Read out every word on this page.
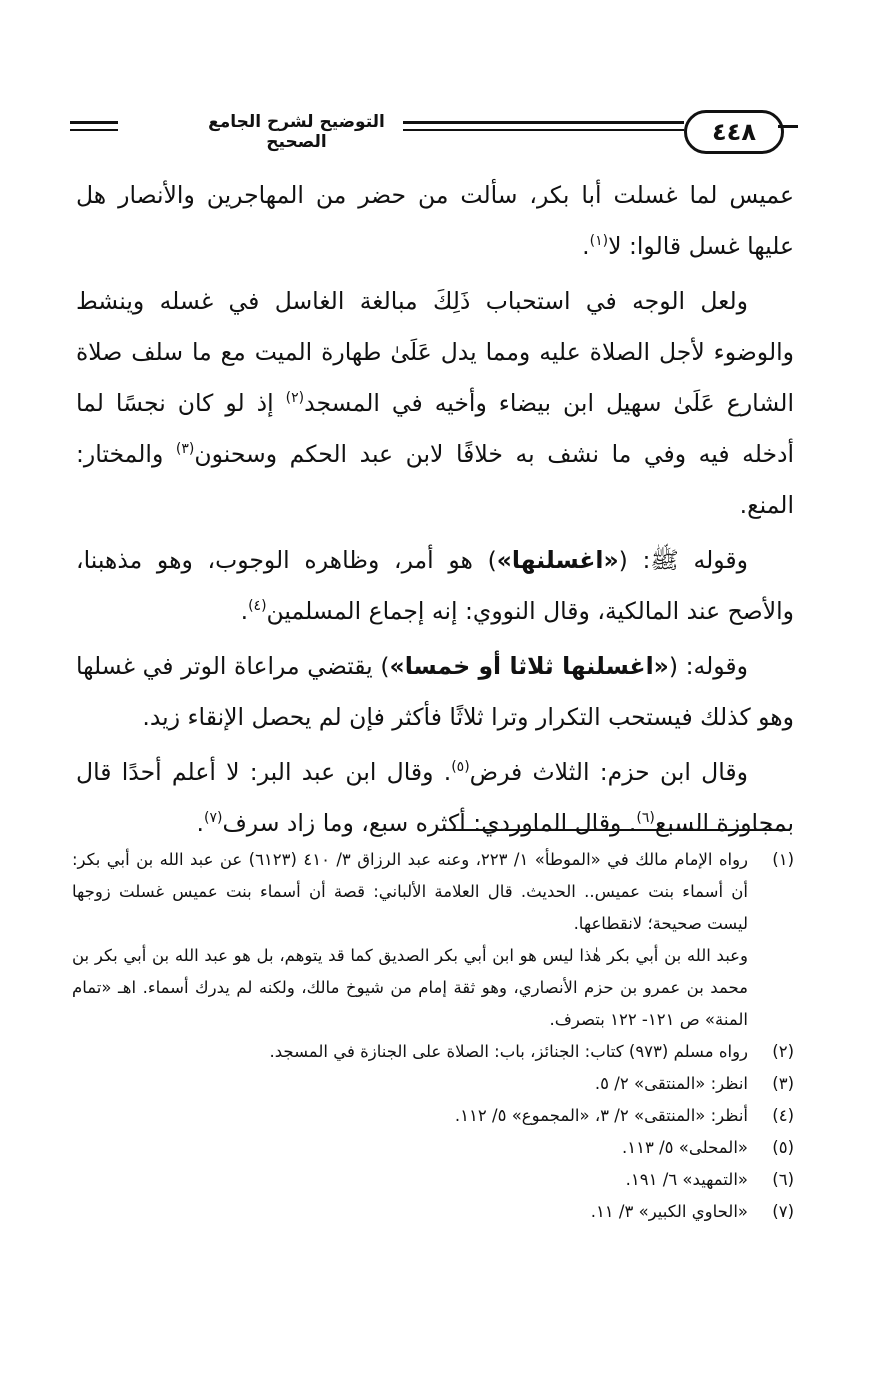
التوضيح لشرح الجامع الصحيح	٤٤٨

عميس لما غسلت أبا بكر، سألت من حضر من المهاجرين والأنصار هل عليها غسل قالوا: لا$^{(١)}$.

ولعل الوجه في استحباب ذَلِكَ مبالغة الغاسل في غسله وينشط والوضوء لأجل الصلاة عليه ومما يدل عَلَىٰ طهارة الميت مع ما سلف صلاة الشارع عَلَىٰ سهيل ابن بيضاء وأخيه في المسجد$^{(٢)}$ إذ لو كان نجسًا لما أدخله فيه وفي ما نشف به خلافًا لابن عبد الحكم وسحنون$^{(٣)}$ والمختار: المنع.

وقوله ﷺ: («اغسلنها») هو أمر، وظاهره الوجوب، وهو مذهبنا، والأصح عند المالكية، وقال النووي: إنه إجماع المسلمين$^{(٤)}$.

وقوله: («اغسلنها ثلاثا أو خمسا») يقتضي مراعاة الوتر في غسلها وهو كذلك فيستحب التكرار وترا ثلاثًا فأكثر فإن لم يحصل الإنقاء زيد.

وقال ابن حزم: الثلاث فرض$^{(٥)}$. وقال ابن عبد البر: لا أعلم أحدًا قال بمجاوزة السبع$^{(٦)}$. وقال الماوردي: أكثره سبع، وما زاد سرف$^{(٧)}$.

(١)
رواه الإمام مالك في «الموطأ» ١/ ٢٢٣، وعنه عبد الرزاق ٣/ ٤١٠ (٦١٢٣) عن عبد الله بن أبي بكر: أن أسماء بنت عميس.. الحديث. قال العلامة الألباني: قصة أن أسماء بنت عميس غسلت زوجها ليست صحيحة؛ لانقطاعها.
وعبد الله بن أبي بكر هٰذا ليس هو ابن أبي بكر الصديق كما قد يتوهم، بل هو عبد الله بن أبي بكر بن محمد بن عمرو بن حزم الأنصاري، وهو ثقة إمام من شيوخ مالك، ولكنه لم يدرك أسماء. اهـ «تمام المنة» ص ١٢١- ١٢٢ بتصرف.
(٢)
رواه مسلم (٩٧٣) كتاب: الجنائز، باب: الصلاة على الجنازة في المسجد.
(٣)
انظر: «المنتقى» ٢/ ٥.
(٤)
أنظر: «المنتقى» ٢/ ٣، «المجموع» ٥/ ١١٢.
(٥)
«المحلى» ٥/ ١١٣.
(٦)
«التمهيد» ٦/ ١٩١.
(٧)
«الحاوي الكبير» ٣/ ١١.
